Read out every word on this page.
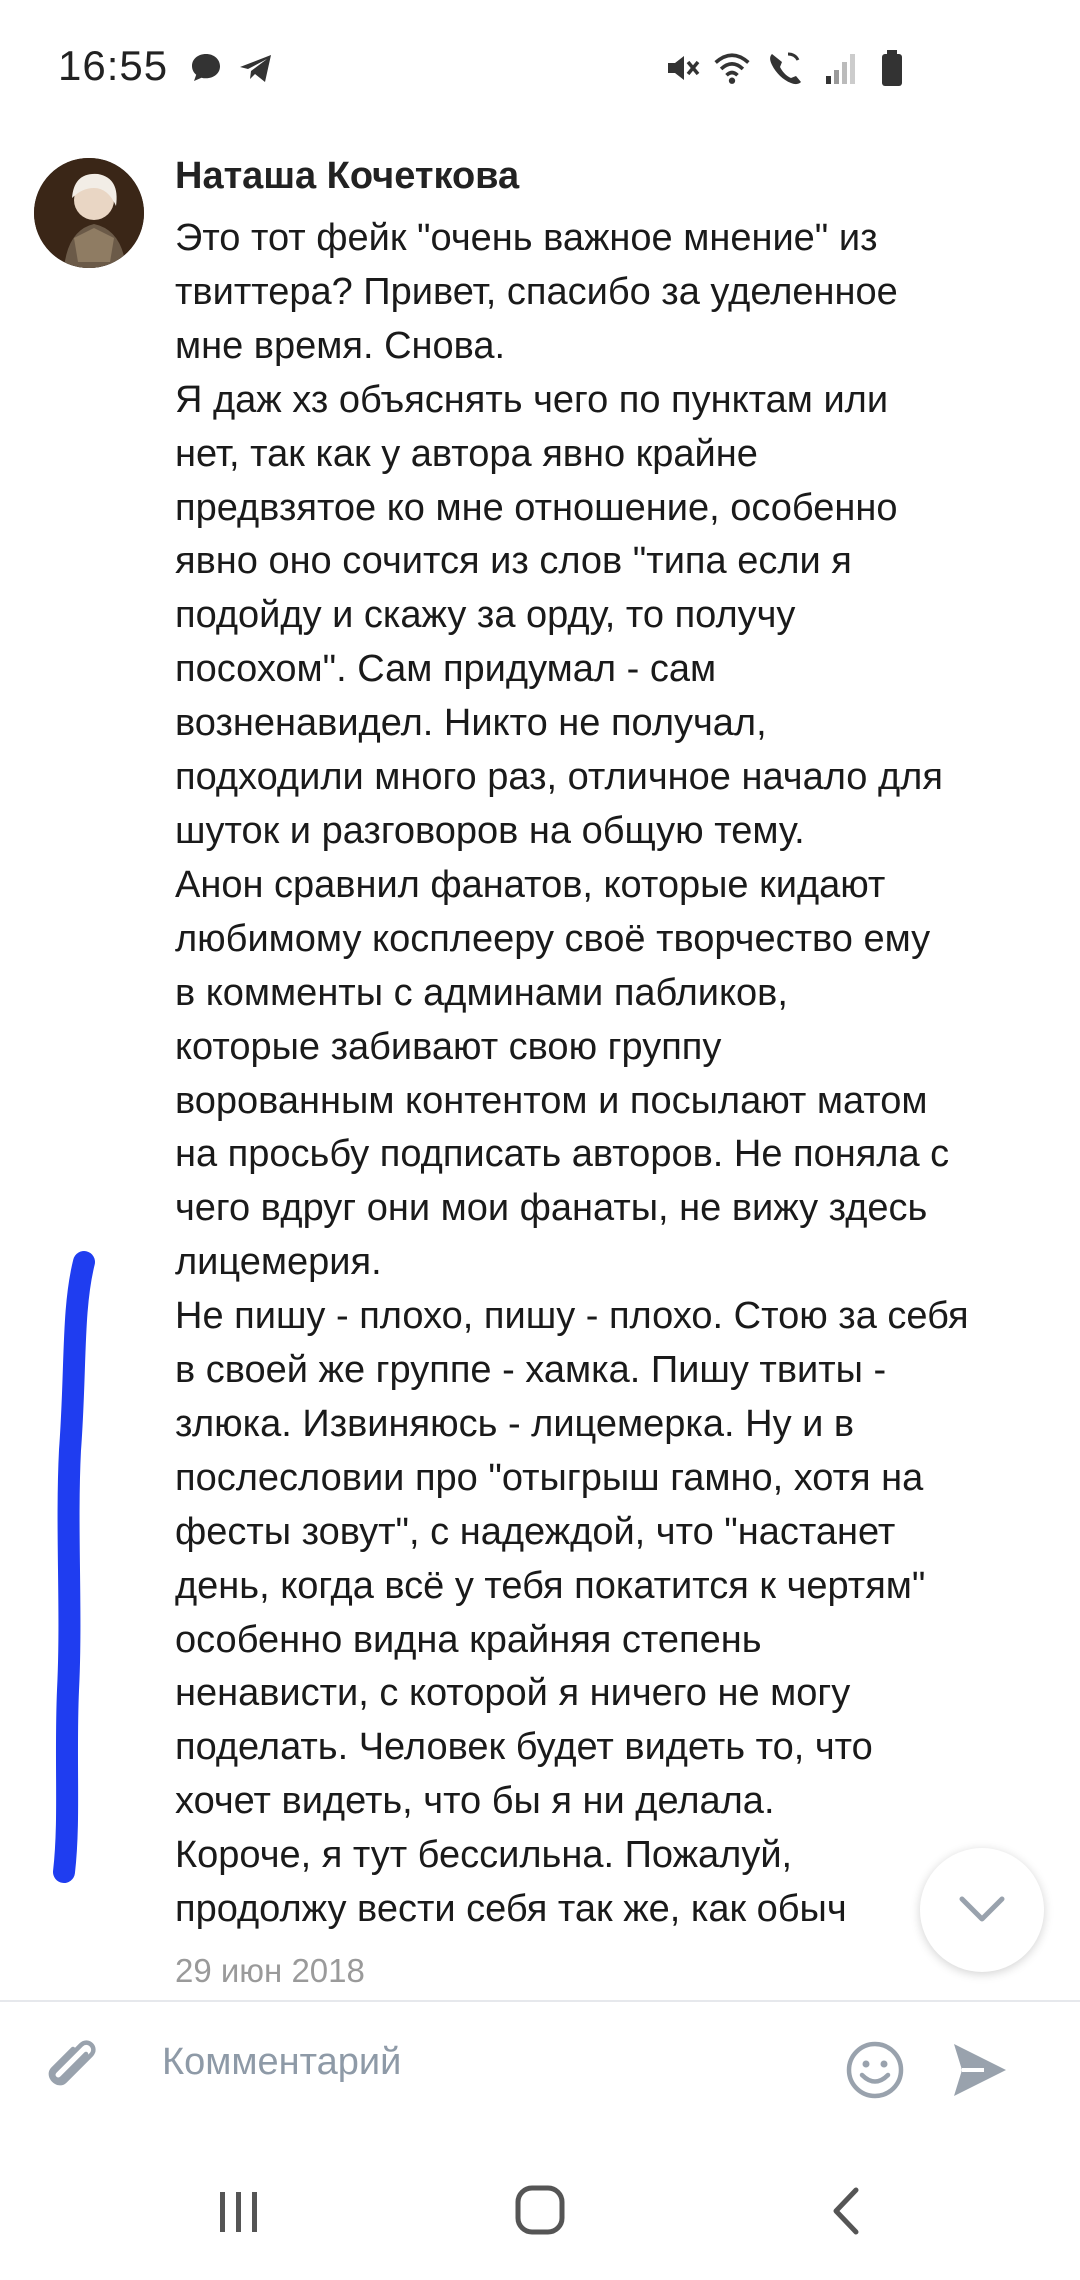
16:55
Наташа Кочеткова

Это тот фейк "очень важное мнение" из
твиттера? Привет, спасибо за уделенное
мне время. Снова.

Я даж хз объяснять чего по пунктам или
нет, так как у автора явно крайне
предвзятое ко мне отношение, особенно
явно оно сочится из слов "типа если я
подойду и скажу за орду, то получу
посохом". Сам придумал - сам
возненавидел. Никто не получал,
подходили много раз, отличное начало для
шуток и разговоров на общую тему.

Анон сравнил фанатов, которые кидают
любимому косплееру своё творчество ему
в комменты с админами пабликов,
которые забивают свою группу
ворованным контентом и посылают матом
на просьбу подписать авторов. Не поняла с
чего вдруг они мои фанаты, не вижу здесь
лицемерия.

Не пишу - плохо, пишу - плохо. Стою за себя
в своей же группе - хамка. Пишу твиты -
злюка. Извиняюсь - лицемерка. Ну и в
послесловии про "отыгрыш гамно, хотя на
фесты зовут", с надеждой, что "настанет
день, когда всё у тебя покатится к чертям"
особенно видна крайняя степень
ненависти, с которой я ничего не могу
поделать. Человек будет видеть то, что
хочет видеть, что бы я ни делала.

Короче, я тут бессильна. Пожалуй,
продолжу вести себя так же, как обыч

29 июн 2018
Комментарий
